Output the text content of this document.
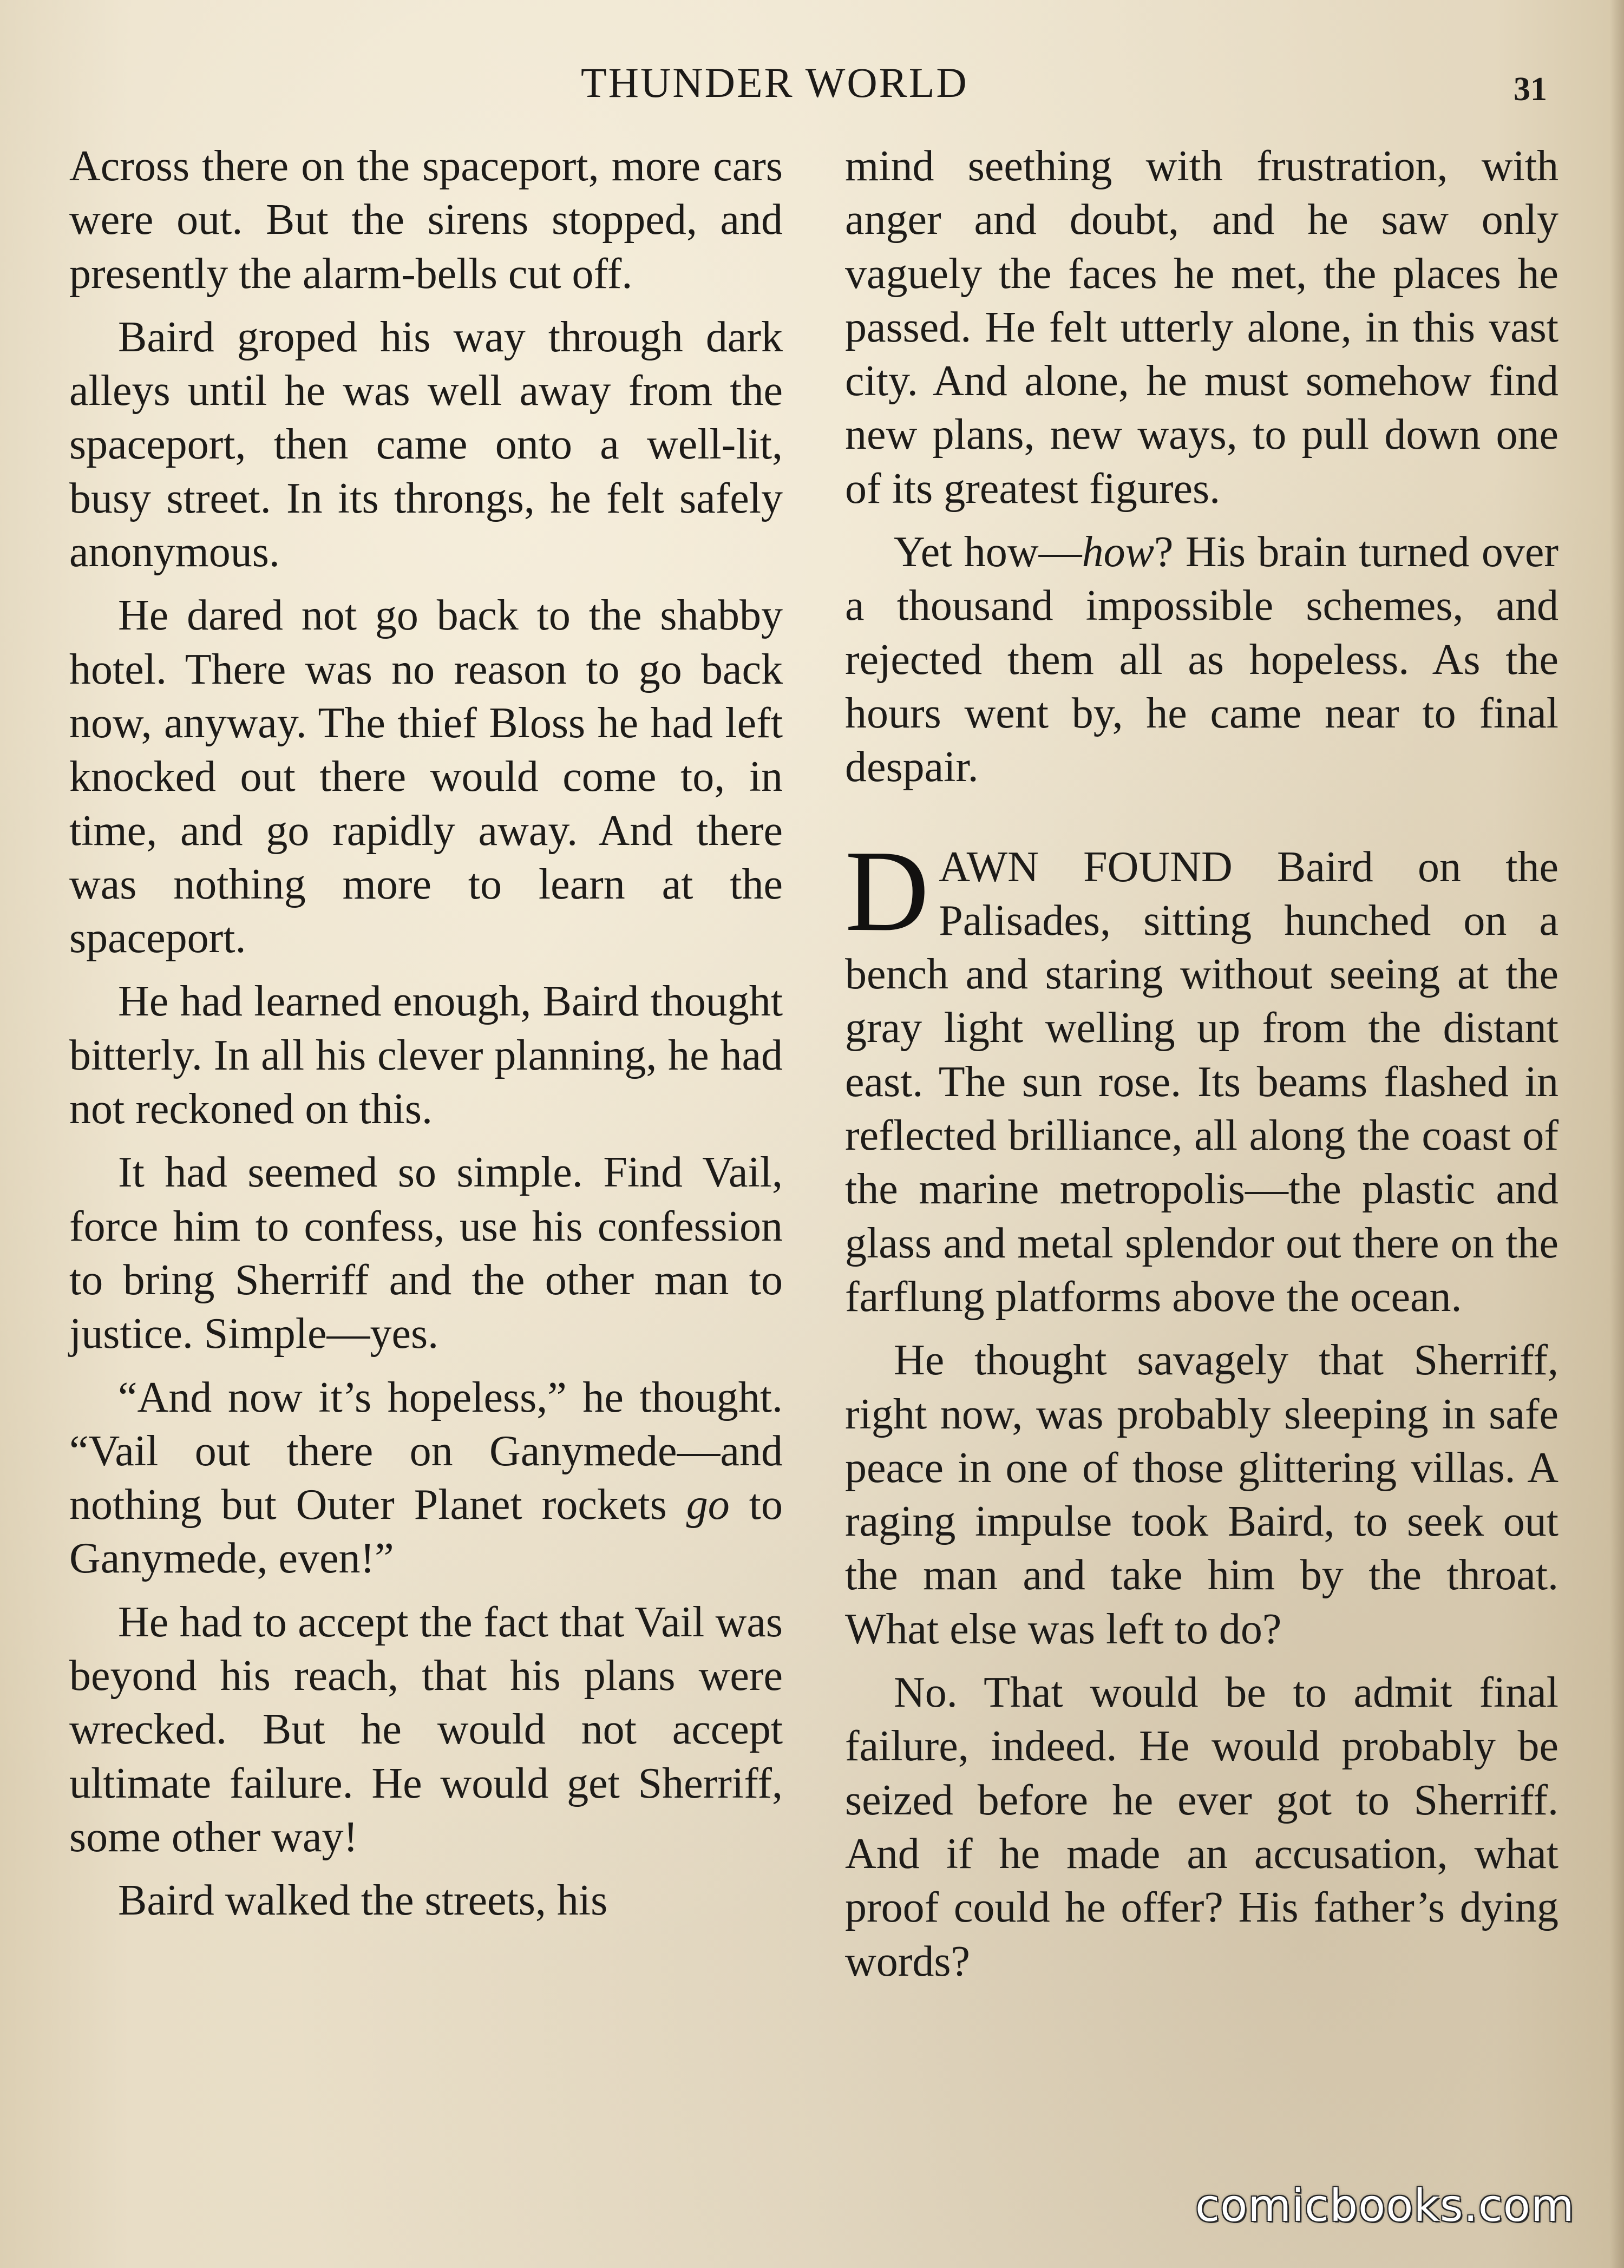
THUNDER WORLD	31

Across there on the spaceport, more cars were out. But the sirens stopped, and presently the alarm-bells cut off.

Baird groped his way through dark alleys until he was well away from the spaceport, then came onto a well-lit, busy street. In its throngs, he felt safely anonymous.

He dared not go back to the shabby hotel. There was no reason to go back now, anyway. The thief Bloss he had left knocked out there would come to, in time, and go rapidly away. And there was nothing more to learn at the spaceport.

He had learned enough, Baird thought bitterly. In all his clever planning, he had not reckoned on this.

It had seemed so simple. Find Vail, force him to confess, use his confession to bring Sherriff and the other man to justice. Simple—yes.

“And now it’s hopeless,” he thought. “Vail out there on Ganymede—and nothing but Outer Planet rockets go to Ganymede, even!”

He had to accept the fact that Vail was beyond his reach, that his plans were wrecked. But he would not accept ultimate failure. He would get Sherriff, some other way!

Baird walked the streets, his

mind seething with frustration, with anger and doubt, and he saw only vaguely the faces he met, the places he passed. He felt utterly alone, in this vast city. And alone, he must somehow find new plans, new ways, to pull down one of its greatest figures.

Yet how—how? His brain turned over a thousand impossible schemes, and rejected them all as hopeless. As the hours went by, he came near to final despair.

DAWN FOUND Baird on the Palisades, sitting hunched on a bench and staring without seeing at the gray light welling up from the distant east. The sun rose. Its beams flashed in reflected brilliance, all along the coast of the marine metropolis—the plastic and glass and metal splendor out there on the farflung platforms above the ocean.

He thought savagely that Sherriff, right now, was probably sleeping in safe peace in one of those glittering villas. A raging impulse took Baird, to seek out the man and take him by the throat. What else was left to do?

No. That would be to admit final failure, indeed. He would probably be seized before he ever got to Sherriff. And if he made an accusation, what proof could he offer? His father’s dying words?

comicbooks.com
